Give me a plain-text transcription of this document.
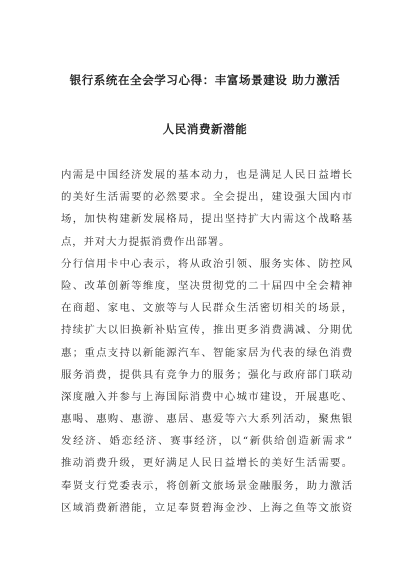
银行系统在全会学习心得：丰富场景建设 助力激活
人民消费新潜能
内需是中国经济发展的基本动力，也是满足人民日益增长
的美好生活需要的必然要求。全会提出，建设强大国内市
场，加快构建新发展格局，提出坚持扩大内需这个战略基
点，并对大力提振消费作出部署。
分行信用卡中心表示，将从政治引领、服务实体、防控风
险、改革创新等维度，坚决贯彻党的二十届四中全会精神
在商超、家电、文旅等与人民群众生活密切相关的场景，
持续扩大以旧换新补贴宣传，推出更多消费满减、分期优
惠；重点支持以新能源汽车、智能家居为代表的绿色消费
服务消费，提供具有竞争力的服务；强化与政府部门联动
深度融入并参与上海国际消费中心城市建设，开展惠吃、
惠喝、惠购、惠游、惠居、惠爱等六大系列活动，聚焦银
发经济、婚恋经济、赛事经济，以“新供给创造新需求”
推动消费升级，更好满足人民日益增长的美好生活需要。
奉贤支行党委表示，将创新文旅场景金融服务，助力激活
区域消费新潜能，立足奉贤碧海金沙、上海之鱼等文旅资
